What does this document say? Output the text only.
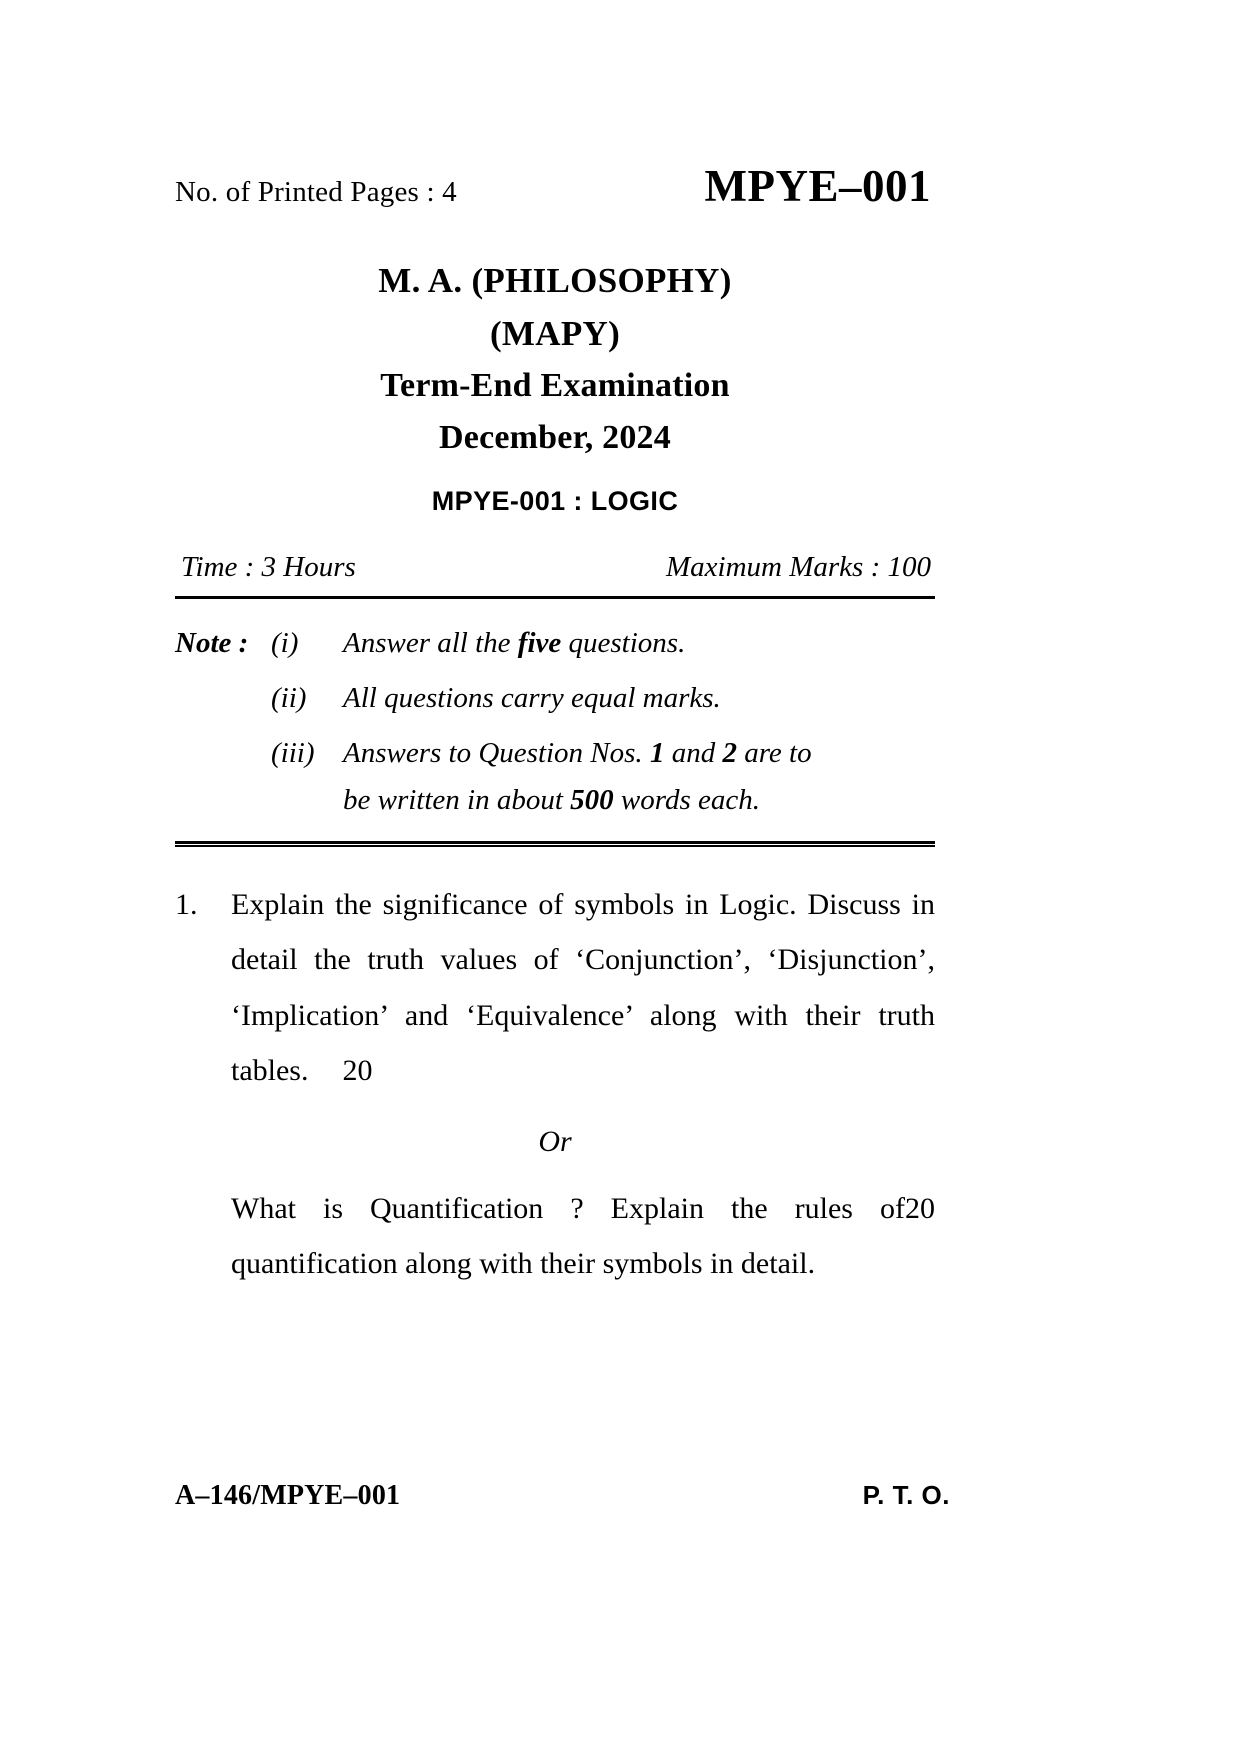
No. of Printed Pages : 4	MPYE–001
M. A. (PHILOSOPHY)
(MAPY)
Term-End Examination
December, 2024
MPYE-001 : LOGIC
Time : 3 Hours	Maximum Marks : 100
Note : (i)	Answer all the five questions.
(ii)	All questions carry equal marks.
(iii) Answers to Question Nos. 1 and 2 are to
be written in about 500 words each.
1.	Explain the significance of symbols in Logic. Discuss in detail the truth values of ‘Conjunction’, ‘Disjunction’, ‘Implication’ and ‘Equivalence’ along with their truth tables. 20
Or
20
What is Quantification ? Explain the rules of quantification along with their symbols in detail.
A–146/MPYE–001	P. T. O.
